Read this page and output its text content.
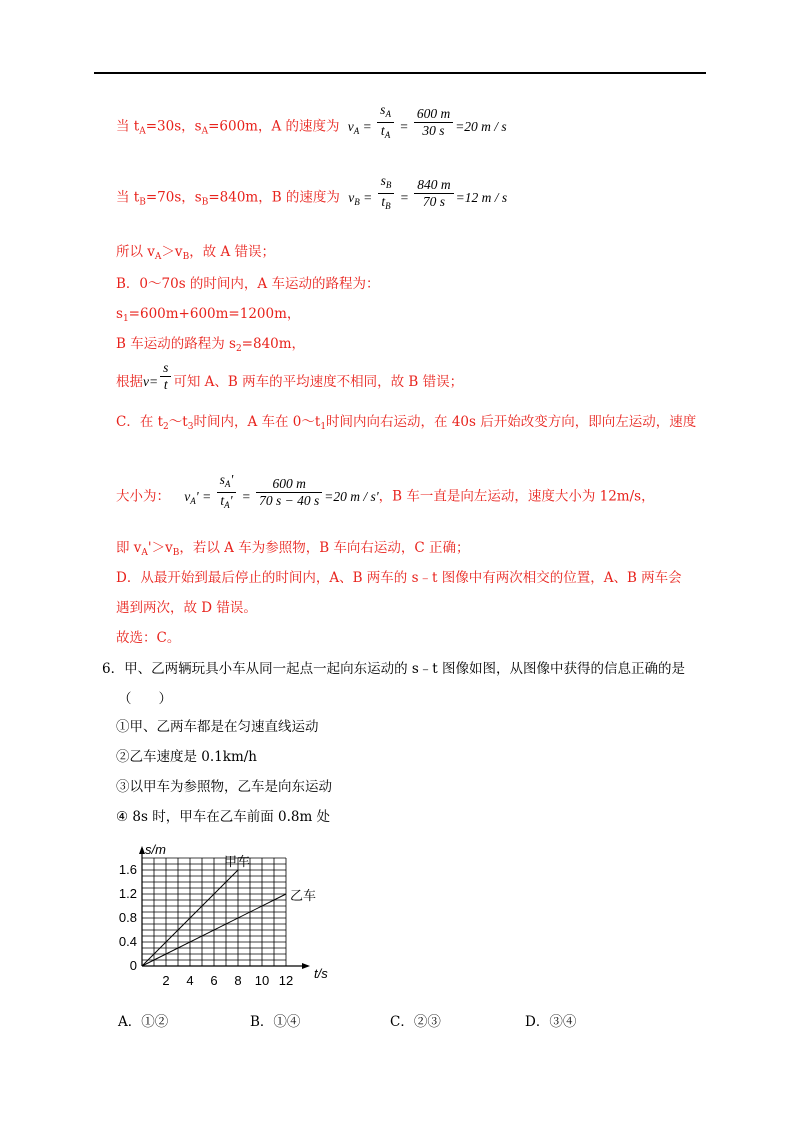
当 $t_A=30s$，$s_A=600m$，A 的速度为 $v_A = \frac{s_A}{t_A} = \frac{600 m}{30 s} =20$ m / s
当 $t_B=70s$，$s_B=840m$，B 的速度为 $v_B = \frac{s_B}{t_B} = \frac{840 m}{70 s} =12$ m / s
所以 $v_A>v_B$，故 A 错误；
B．0～70s 的时间内，A 车运动的路程为：
$s_1=600m+600m=1200m$，
B 车运动的路程为 $s_2=840m$，
根据$v= \frac{s}{t}$ 可知 A、B 两车的平均速度不相同，故 B 错误；
C．在 $t_2\sim t_3$时间内，A 车在 $0\sim t_1$时间内向右运动，在 40s 后开始改变方向，即向左运动，速度
大小为： $v_A' = \frac{s_A'}{t_A'} = \frac{600 m}{70 s - 40 s} =20$ m / s'，B 车一直是向左运动，速度大小为 12m/s，
即 $v_A'>v_B$，若以 A 车为参照物，B 车向右运动，C 正确；
D．从最开始到最后停止的时间内，A、B 两车的 s﹣t 图像中有两次相交的位置，A、B 两车会
遇到两次，故 D 错误。
故选：C。
6．甲、乙两辆玩具小车从同一起点一起向东运动的 s﹣t 图像如图，从图像中获得的信息正确的是
（　　）
①甲、乙两车都是在匀速直线运动
②乙车速度是 0.1km/h
③以甲车为参照物，乙车是向东运动
④ 8s 时，甲车在乙车前面 0.8m 处
s/m
t/s
2 4 6 8 10 12
0
0.4
0.8
1.2
1.6
甲车
乙车
A．①②	B．①④	C．②③	D．③④
